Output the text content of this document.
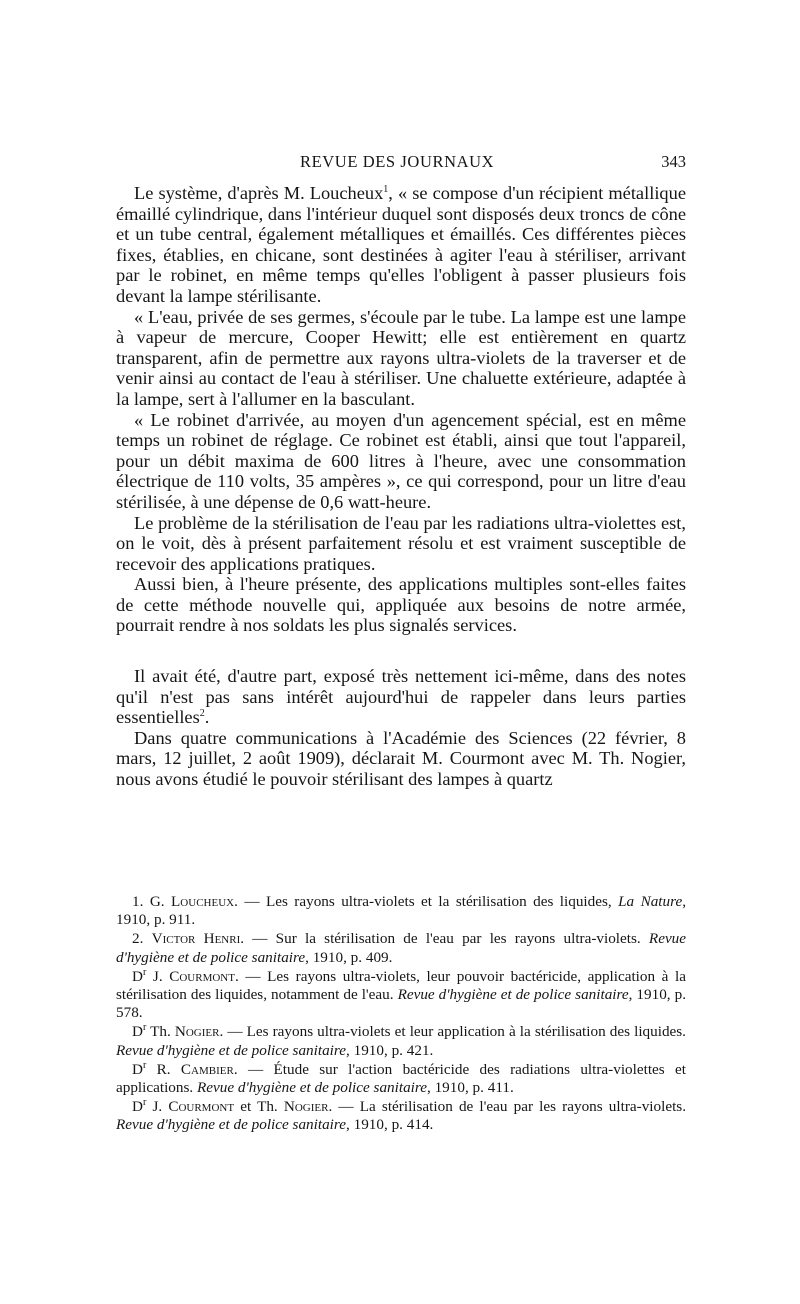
REVUE DES JOURNAUX	343

Le système, d'après M. Loucheux$^1$, « se compose d'un récipient métallique émaillé cylindrique, dans l'intérieur duquel sont disposés deux troncs de cône et un tube central, également métalliques et émaillés. Ces différentes pièces fixes, établies, en chicane, sont destinées à agiter l'eau à stériliser, arrivant par le robinet, en même temps qu'elles l'obligent à passer plusieurs fois devant la lampe stérilisante.

« L'eau, privée de ses germes, s'écoule par le tube. La lampe est une lampe à vapeur de mercure, Cooper Hewitt; elle est entièrement en quartz transparent, afin de permettre aux rayons ultra-violets de la traverser et de venir ainsi au contact de l'eau à stériliser. Une chaluette extérieure, adaptée à la lampe, sert à l'allumer en la basculant.

« Le robinet d'arrivée, au moyen d'un agencement spécial, est en même temps un robinet de réglage. Ce robinet est établi, ainsi que tout l'appareil, pour un débit maxima de 600 litres à l'heure, avec une consommation électrique de 110 volts, 35 ampères », ce qui correspond, pour un litre d'eau stérilisée, à une dépense de 0,6 watt-heure.

Le problème de la stérilisation de l'eau par les radiations ultra-violettes est, on le voit, dès à présent parfaitement résolu et est vraiment susceptible de recevoir des applications pratiques.

Aussi bien, à l'heure présente, des applications multiples sont-elles faites de cette méthode nouvelle qui, appliquée aux besoins de notre armée, pourrait rendre à nos soldats les plus signalés services.

Il avait été, d'autre part, exposé très nettement ici-même, dans des notes qu'il n'est pas sans intérêt aujourd'hui de rappeler dans leurs parties essentielles$^2$.

Dans quatre communications à l'Académie des Sciences (22 février, 8 mars, 12 juillet, 2 août 1909), déclarait M. Courmont avec M. Th. Nogier, nous avons étudié le pouvoir stérilisant des lampes à quartz

1. G. Loucheux. — Les rayons ultra-violets et la stérilisation des liquides, La Nature, 1910, p. 911.

2. Victor Henri. — Sur la stérilisation de l'eau par les rayons ultra-violets. Revue d'hygiène et de police sanitaire, 1910, p. 409.

$D^r$ J. Courmont. — Les rayons ultra-violets, leur pouvoir bactéricide, application à la stérilisation des liquides, notamment de l'eau. Revue d'hygiène et de police sanitaire, 1910, p. 578.

$D^r$ Th. Nogier. — Les rayons ultra-violets et leur application à la stérilisation des liquides. Revue d'hygiène et de police sanitaire, 1910, p. 421.

$D^r$ R. Cambier. — Étude sur l'action bactéricide des radiations ultra-violettes et applications. Revue d'hygiène et de police sanitaire, 1910, p. 411.

$D^r$ J. Courmont et Th. Nogier. — La stérilisation de l'eau par les rayons ultra-violets. Revue d'hygiène et de police sanitaire, 1910, p. 414.
